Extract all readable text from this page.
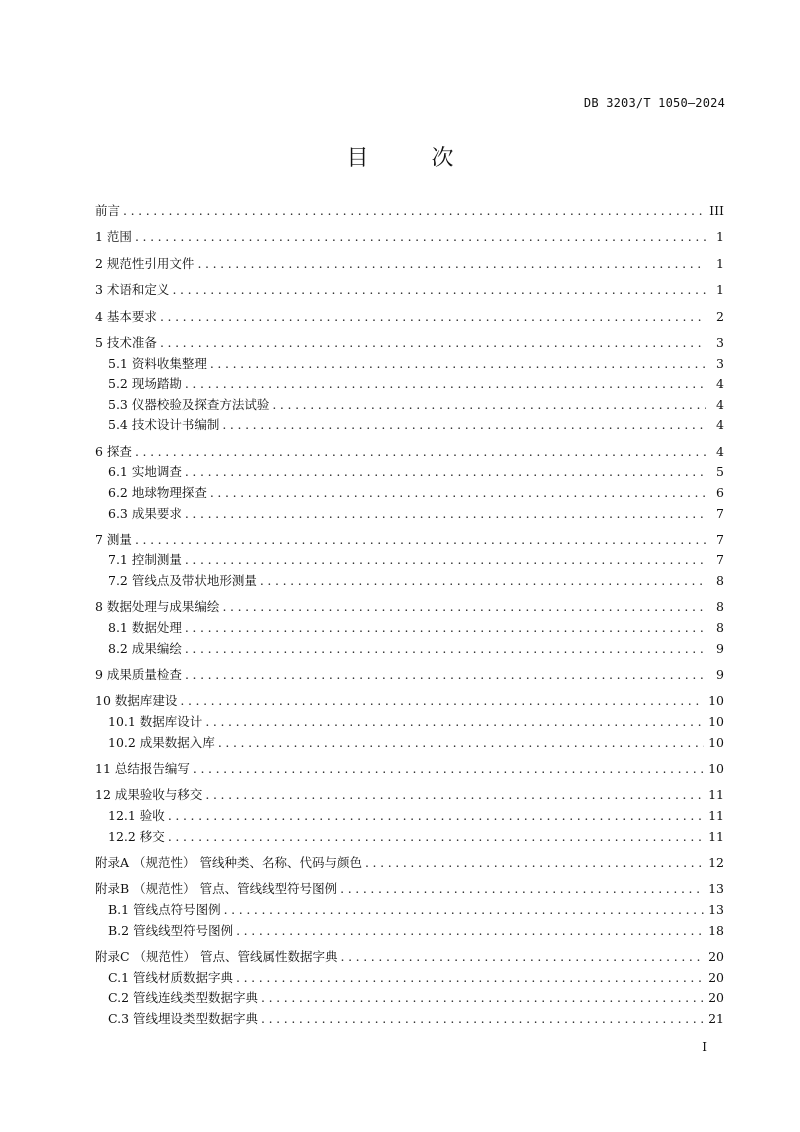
DB 3203/T 1050—2024
目 次
前言 .....	III
1 范围 .....	1
2 规范性引用文件 .....	1
3 术语和定义 .....	1
4 基本要求 .....	2
5 技术准备 .....	3
5.1 资料收集整理 .....	3
5.2 现场踏勘 .....	4
5.3 仪器校验及探查方法试验 .....	4
5.4 技术设计书编制 .....	4
6 探查 .....	4
6.1 实地调查 .....	5
6.2 地球物理探查 .....	6
6.3 成果要求 .....	7
7 测量 .....	7
7.1 控制测量 .....	7
7.2 管线点及带状地形测量 .....	8
8 数据处理与成果编绘 .....	8
8.1 数据处理 .....	8
8.2 成果编绘 .....	9
9 成果质量检查 .....	9
10 数据库建设 .....	10
10.1 数据库设计 .....	10
10.2 成果数据入库 .....	10
11 总结报告编写 .....	10
12 成果验收与移交 .....	11
12.1 验收 .....	11
12.2 移交 .....	11
附录A （规范性） 管线种类、名称、代码与颜色 .....	12
附录B （规范性） 管点、管线线型符号图例 .....	13
B.1 管线点符号图例 .....	13
B.2 管线线型符号图例 .....	18
附录C （规范性） 管点、管线属性数据字典 .....	20
C.1 管线材质数据字典 .....	20
C.2 管线连线类型数据字典 .....	20
C.3 管线埋设类型数据字典 .....	21
I
